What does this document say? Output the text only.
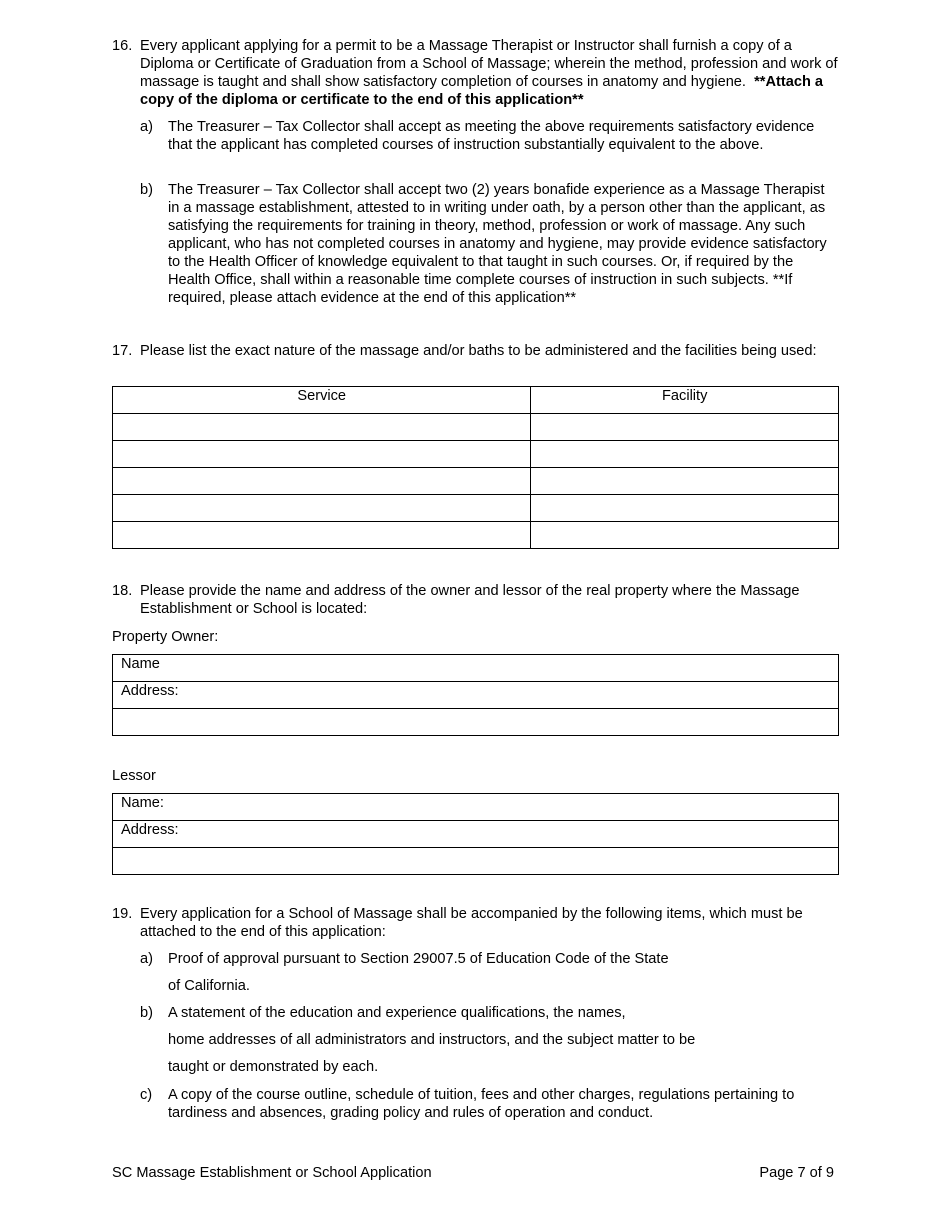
16. Every applicant applying for a permit to be a Massage Therapist or Instructor shall furnish a copy of a Diploma or Certificate of Graduation from a School of Massage; wherein the method, profession and work of massage is taught and shall show satisfactory completion of courses in anatomy and hygiene. **Attach a copy of the diploma or certificate to the end of this application**
a) The Treasurer – Tax Collector shall accept as meeting the above requirements satisfactory evidence that the applicant has completed courses of instruction substantially equivalent to the above.
b) The Treasurer – Tax Collector shall accept two (2) years bonafide experience as a Massage Therapist in a massage establishment, attested to in writing under oath, by a person other than the applicant, as satisfying the requirements for training in theory, method, profession or work of massage. Any such applicant, who has not completed courses in anatomy and hygiene, may provide evidence satisfactory to the Health Officer of knowledge equivalent to that taught in such courses. Or, if required by the Health Office, shall within a reasonable time complete courses of instruction in such subjects. **If required, please attach evidence at the end of this application**
17. Please list the exact nature of the massage and/or baths to be administered and the facilities being used:
Service	Facility

18. Please provide the name and address of the owner and lessor of the real property where the Massage Establishment or School is located:
Property Owner:
Name
Address:

Lessor
Name:
Address:

19. Every application for a School of Massage shall be accompanied by the following items, which must be attached to the end of this application:
a) Proof of approval pursuant to Section 29007.5 of Education Code of the State
of California.
b) A statement of the education and experience qualifications, the names,
home addresses of all administrators and instructors, and the subject matter to be
taught or demonstrated by each.
c) A copy of the course outline, schedule of tuition, fees and other charges, regulations pertaining to tardiness and absences, grading policy and rules of operation and conduct.
SC Massage Establishment or School Application	Page 7 of 9
